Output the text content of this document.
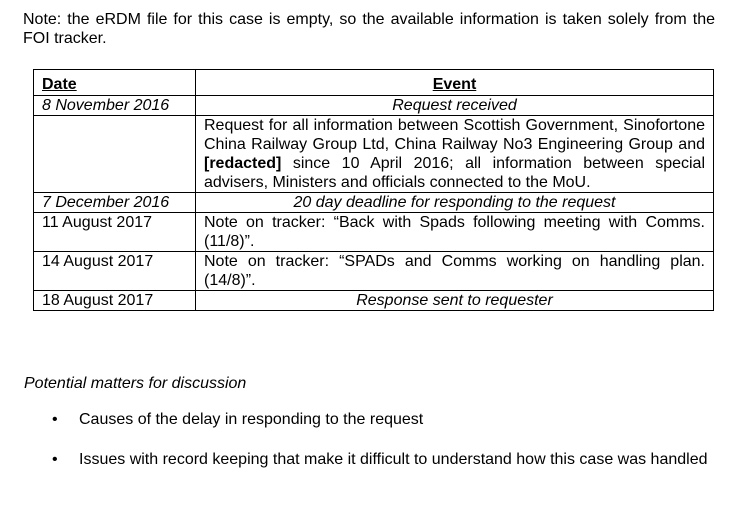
Note: the eRDM file for this case is empty, so the available information is taken solely from the FOI tracker.

Date	Event
8 November 2016	Request received
	Request for all information between Scottish Government, Sinofortone China Railway Group Ltd, China Railway No3 Engineering Group and [redacted] since 10 April 2016; all information between special advisers, Ministers and officials connected to the MoU.
7 December 2016	20 day deadline for responding to the request
11 August 2017	Note on tracker: “Back with Spads following meeting with Comms. (11/8)”.
14 August 2017	Note on tracker: “SPADs and Comms working on handling plan. (14/8)”.
18 August 2017	Response sent to requester

Potential matters for discussion

• Causes of the delay in responding to the request
• Issues with record keeping that make it difficult to understand how this case was handled
